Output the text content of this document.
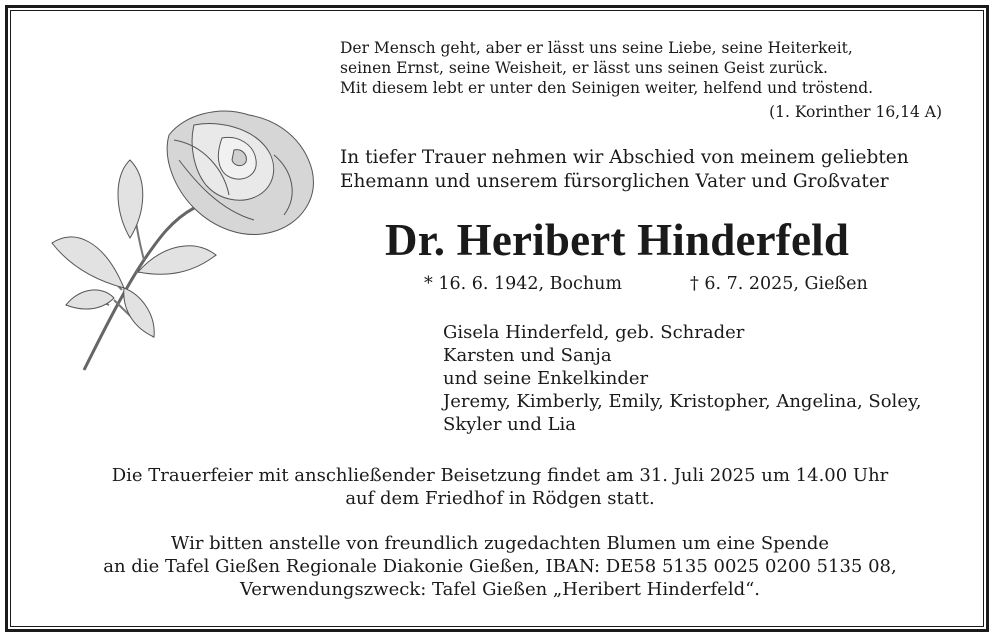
Der Mensch geht, aber er lässt uns seine Liebe, seine Heiterkeit,
seinen Ernst, seine Weisheit, er lässt uns seinen Geist zurück.
Mit diesem lebt er unter den Seinigen weiter, helfend und tröstend.
(1. Korinther 16,14 A)
In tiefer Trauer nehmen wir Abschied von meinem geliebten
Ehemann und unserem fürsorglichen Vater und Großvater
Dr. Heribert Hinderfeld
* 16. 6. 1942, Bochum	† 6. 7. 2025, Gießen
Gisela Hinderfeld, geb. Schrader
Karsten und Sanja
und seine Enkelkinder
Jeremy, Kimberly, Emily, Kristopher, Angelina, Soley,
Skyler und Lia
Die Trauerfeier mit anschließender Beisetzung findet am 31. Juli 2025 um 14.00 Uhr
auf dem Friedhof in Rödgen statt.
Wir bitten anstelle von freundlich zugedachten Blumen um eine Spende
an die Tafel Gießen Regionale Diakonie Gießen, IBAN: DE58 5135 0025 0200 5135 08,
Verwendungszweck: Tafel Gießen „Heribert Hinderfeld“.
